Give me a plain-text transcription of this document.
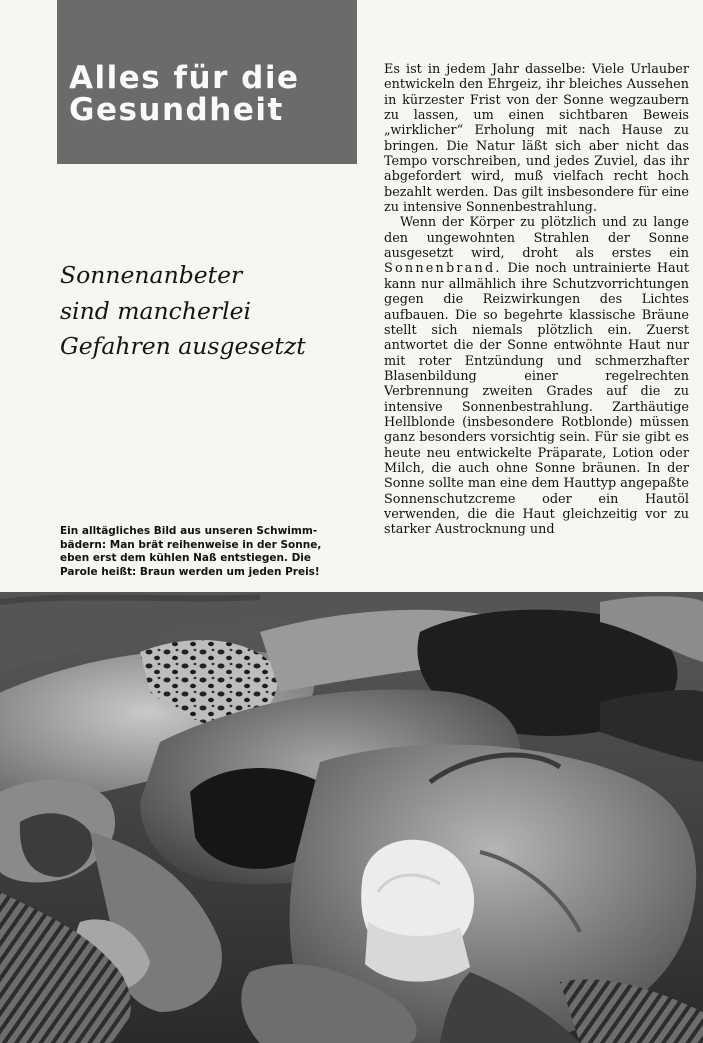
Alles für die
Gesundheit
Sonnenanbeter
sind mancherlei
Gefahren ausgesetzt

Ein alltägliches Bild aus unseren Schwimm-
bädern: Man brät reihenweise in der Sonne,
eben erst dem kühlen Naß entstiegen. Die
Parole heißt: Braun werden um jeden Preis!

Es ist in jedem Jahr dasselbe: Viele Urlauber entwickeln den Ehrgeiz, ihr bleiches Aussehen in kürzester Frist von der Sonne wegzaubern zu lassen, um einen sichtbaren Beweis „wirklicher“ Erholung mit nach Hause zu bringen. Die Natur läßt sich aber nicht das Tempo vorschreiben, und jedes Zuviel, das ihr abgefordert wird, muß vielfach recht hoch bezahlt werden. Das gilt insbesondere für eine zu intensive Sonnenbestrahlung.

Wenn der Körper zu plötzlich und zu lange den ungewohnten Strahlen der Sonne ausgesetzt wird, droht als erstes ein Sonnenbrand. Die noch untrainierte Haut kann nur allmählich ihre Schutzvorrichtungen gegen die Reizwirkungen des Lichtes aufbauen. Die so begehrte klassische Bräune stellt sich niemals plötzlich ein. Zuerst antwortet die der Sonne entwöhnte Haut nur mit roter Entzündung und schmerzhafter Blasenbildung einer regelrechten Verbrennung zweiten Grades auf die zu intensive Sonnenbestrahlung. Zarthäutige Hellblonde (insbesondere Rotblonde) müssen ganz besonders vorsichtig sein. Für sie gibt es heute neu entwickelte Präparate, Lotion oder Milch, die auch ohne Sonne bräunen. In der Sonne sollte man eine dem Hauttyp angepaßte Sonnenschutzcreme oder ein Hautöl verwenden, die die Haut gleichzeitig vor zu starker Austrocknung und
